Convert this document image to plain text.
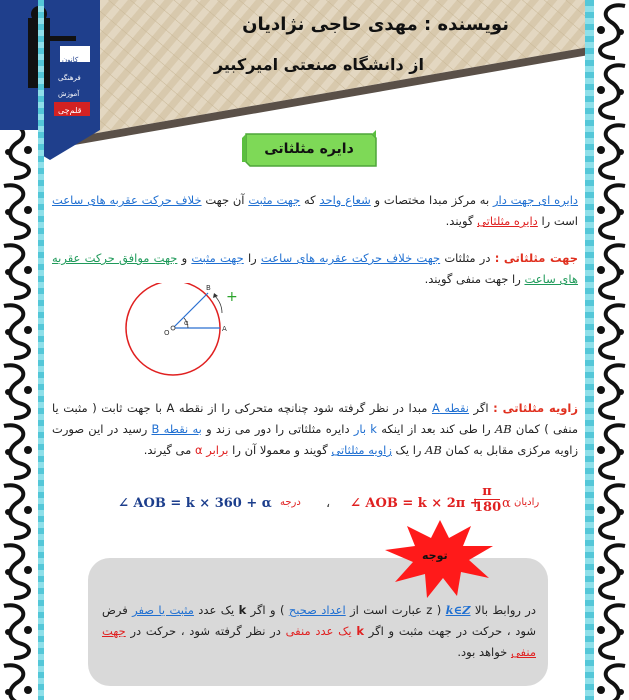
نویسنده : مهدی حاجی نژادیان
از دانشگاه صنعتی امیرکبیر
کانون
فرهنگی
آموزش
قلم‌چی
دایره مثلثاتی
دایره ای جهت دار به مرکز مبدا مختصات و شعاع واحد که جهت مثبت آن جهت خلاف حرکت عقربه های ساعت است را دایره مثلثاتی گویند.
جهت مثلثاتی : در مثلثات جهت خلاف حرکت عقربه های ساعت را جهت مثبت و جهت موافق حرکت عقربه های ساعت را جهت منفی گویند.
A
B
O
α
+
زاویه مثلثاتی : اگر نقطه A مبدا در نظر گرفته شود چنانچه متحرکی را از نقطه A با جهت ثابت ( مثبت یا منفی ) کمان AB را طی کند بعد از اینکه k بار دایره مثلثاتی را دور می زند و به نقطه B رسید در این صورت زاویه مرکزی مقابل به کمان AB را یک زاویه مثلثاتی گویند و معمولا آن را برابر α می گیرند.
∠ AOB = k × 360 + α درجه ، ∠ AOB = k × 2π +
$\frac{\pi}{180}$ α رادیان
توجه
در روابط بالا k∈Z ( z عبارت است از اعداد صحیح ) و اگر k یک عدد مثبت یا صفر فرض شود ، حرکت در جهت مثبت و اگر k یک عدد منفی در نظر گرفته شود ، حرکت در جهت منفی خواهد بود.
